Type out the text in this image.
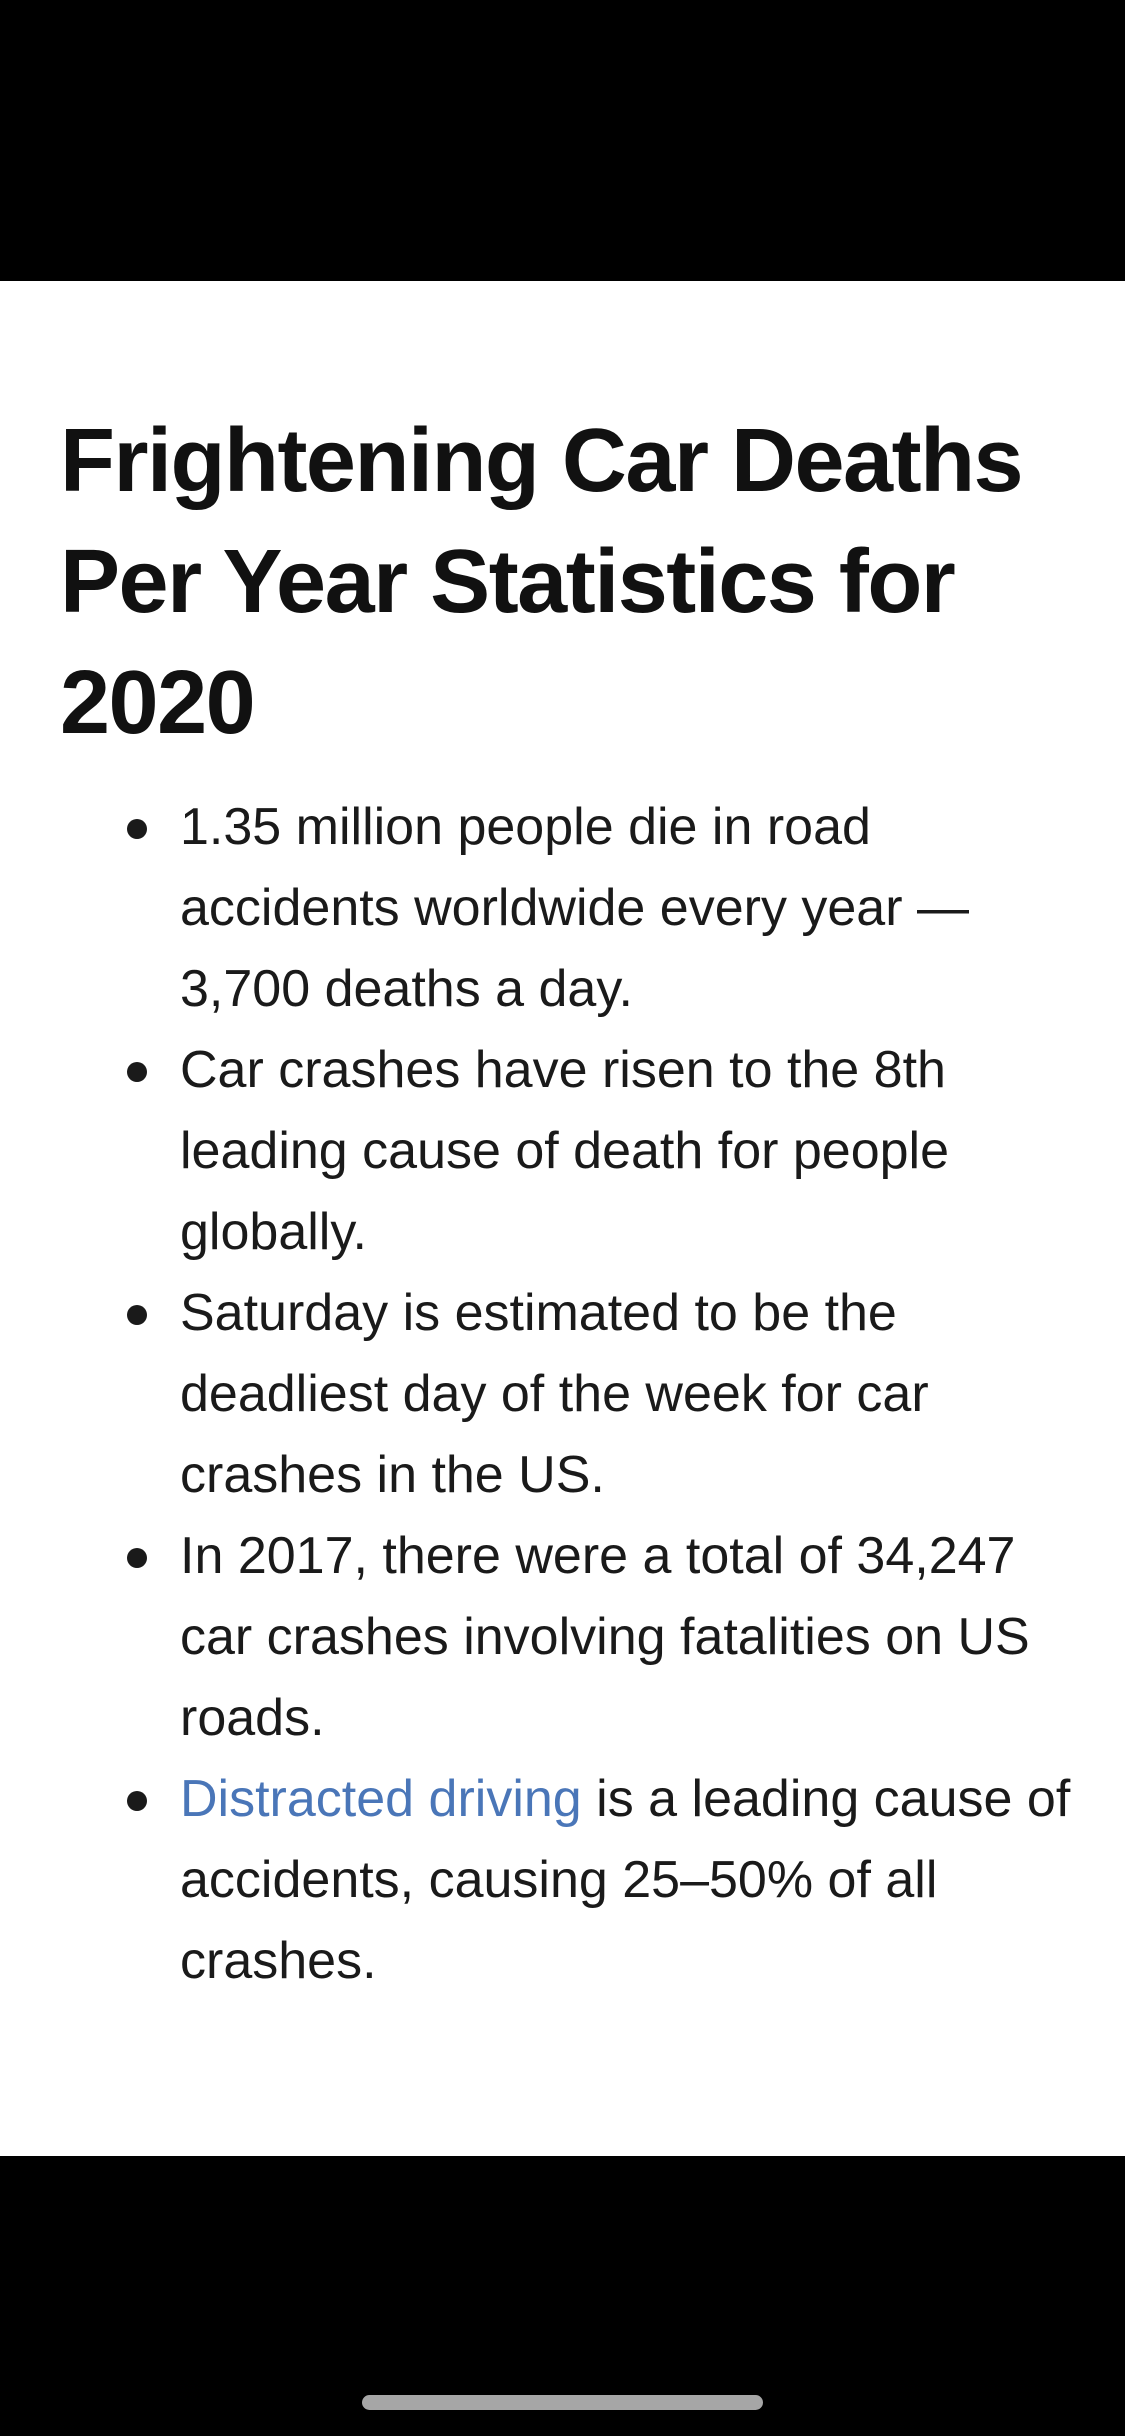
Frightening Car Deaths Per Year Statistics for 2020
1.35 million people die in road accidents worldwide every year — 3,700 deaths a day.
Car crashes have risen to the 8th leading cause of death for people globally.
Saturday is estimated to be the deadliest day of the week for car crashes in the US.
In 2017, there were a total of 34,247 car crashes involving fatalities on US roads.
Distracted driving is a leading cause of accidents, causing 25–50% of all crashes.
